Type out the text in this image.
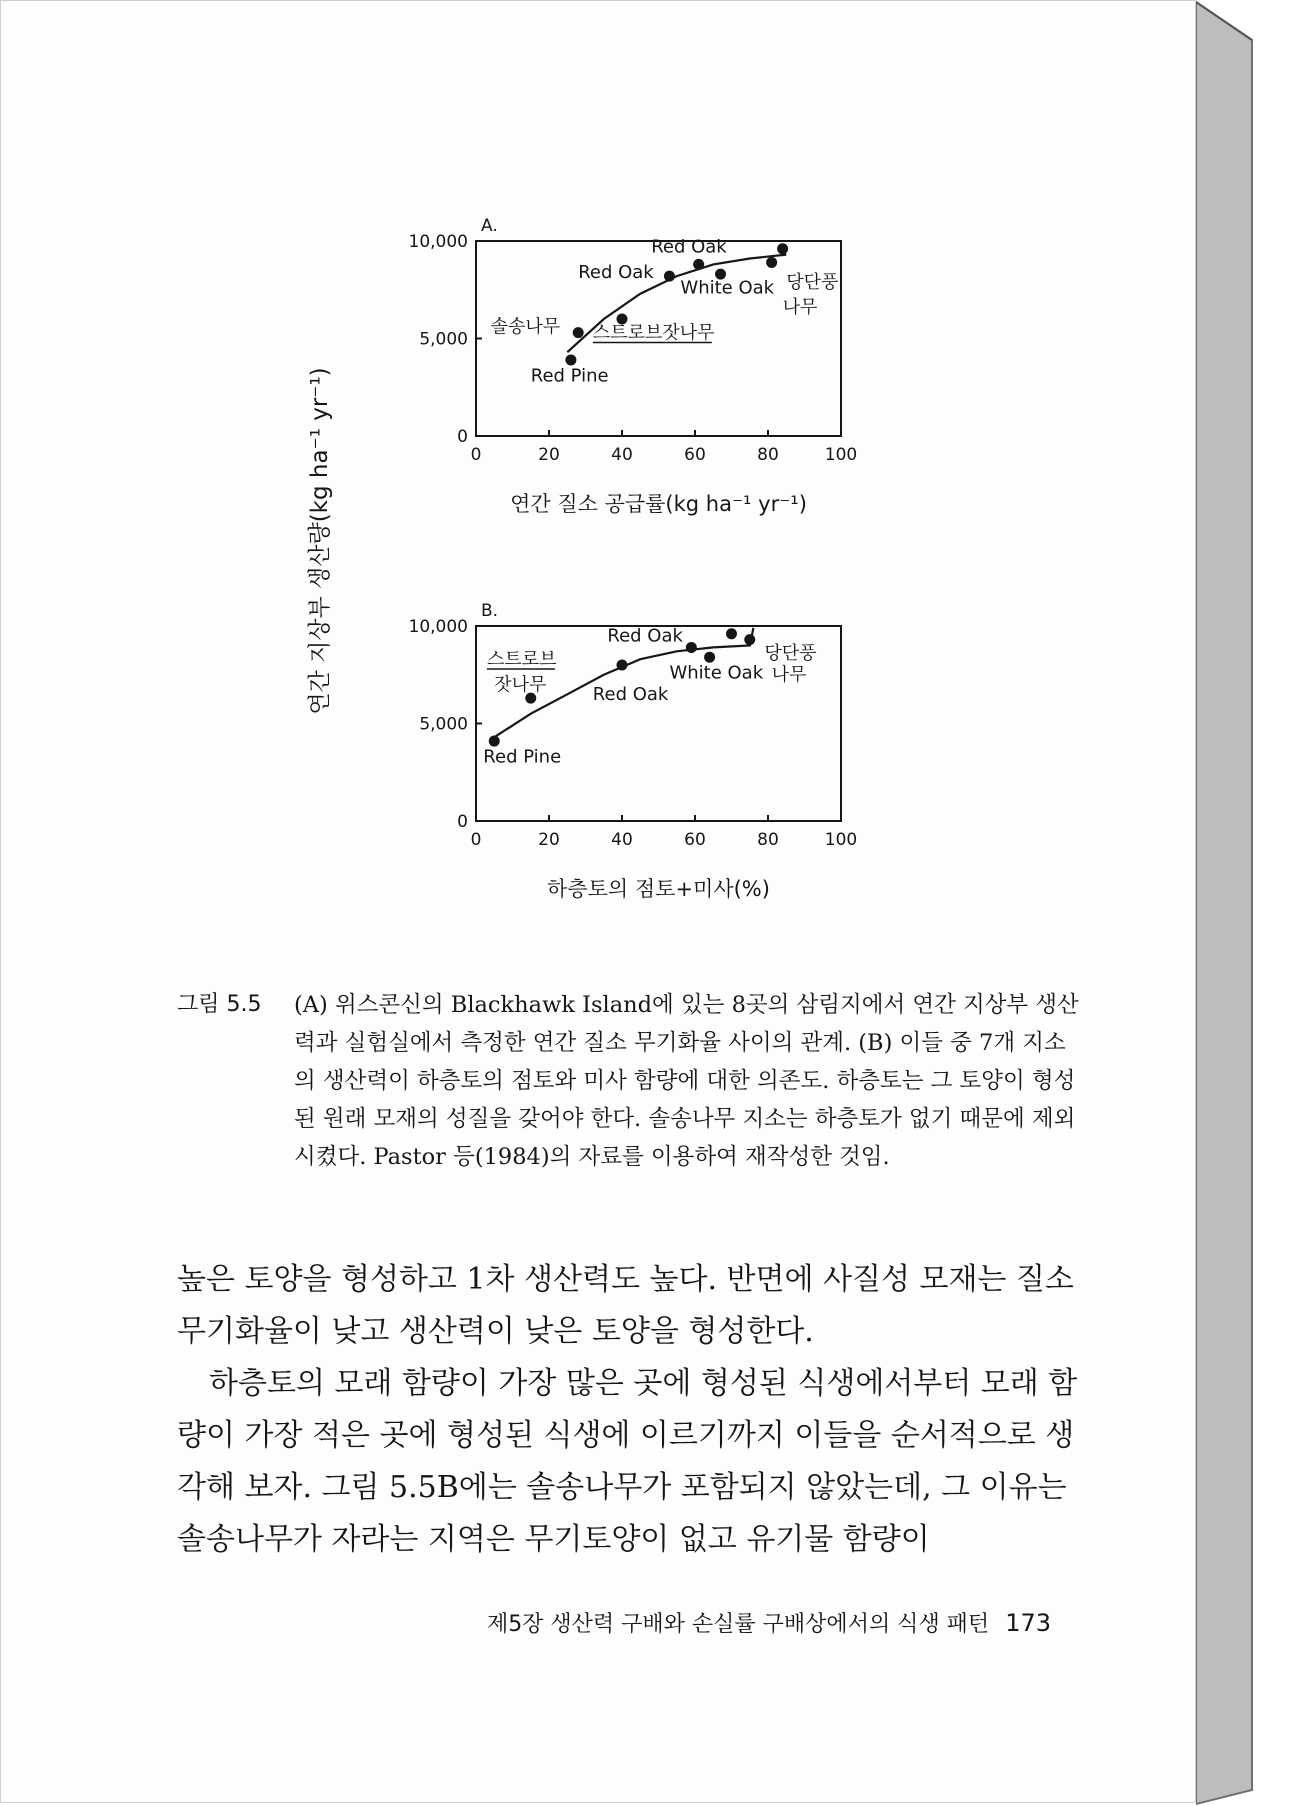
연간 지상부 생산량(kg ha⁻¹ yr⁻¹)
A.
0	20	40	60	80	100
0
5,000
10,000	Red Oak
Red Oak
White Oak 당단풍
나무
솔송나무 스트로브잣나무
Red Pine
연간 질소 공급률(kg ha⁻¹ yr⁻¹)
B.
0	20	40	60	80	100
0
5,000
10,000	Red Oak
스트로브
잣나무
White Oak
당단풍
나무
Red Oak
Red Pine
하층토의 점토+미사(%)
그림 5.5	(A) 위스콘신의 Blackhawk Island에 있는 8곳의 삼림지에서 연간 지상부 생산력과 실험실에서 측정한 연간 질소 무기화율 사이의 관계. (B) 이들 중 7개 지소의 생산력이 하층토의 점토와 미사 함량에 대한 의존도. 하층토는 그 토양이 형성된 원래 모재의 성질을 갖어야 한다. 솔송나무 지소는 하층토가 없기 때문에 제외시켰다. Pastor 등(1984)의 자료를 이용하여 재작성한 것임.

높은 토양을 형성하고 1차 생산력도 높다. 반면에 사질성 모재는 질소 무기화율이 낮고 생산력이 낮은 토양을 형성한다.

하층토의 모래 함량이 가장 많은 곳에 형성된 식생에서부터 모래 함량이 가장 적은 곳에 형성된 식생에 이르기까지 이들을 순서적으로 생각해 보자. 그림 5.5B에는 솔송나무가 포함되지 않았는데, 그 이유는 솔송나무가 자라는 지역은 무기토양이 없고 유기물 함량이

제5장 생산력 구배와 손실률 구배상에서의 식생 패턴 173
